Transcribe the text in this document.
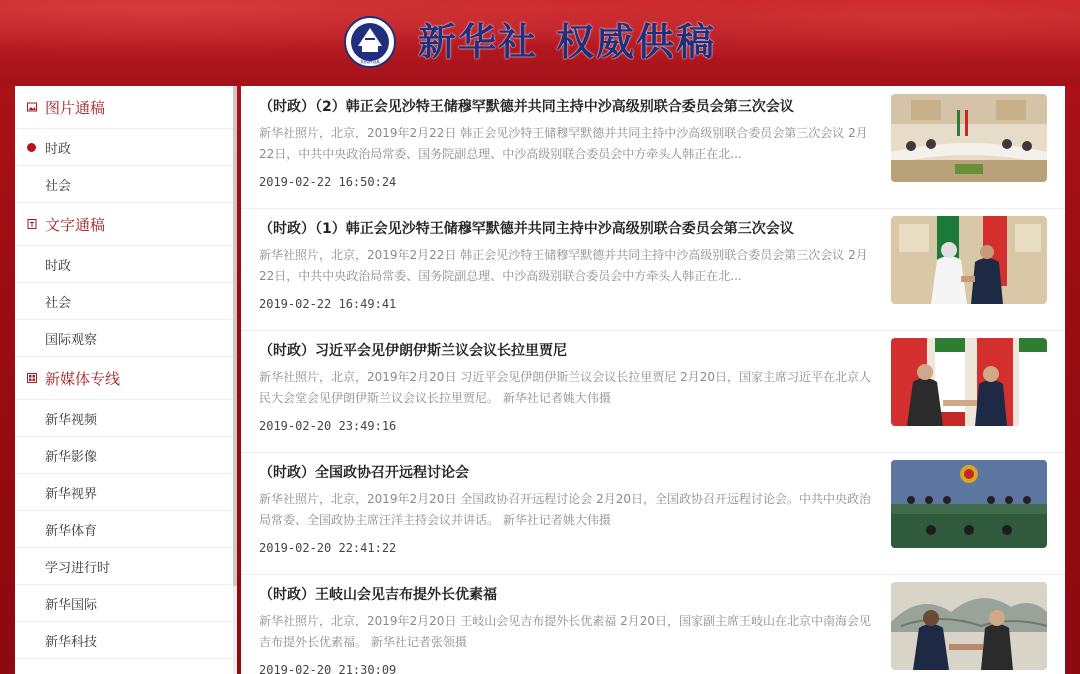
XINHUA 新华社 权威供稿
图片通稿
时政
社会
文字通稿
时政
社会
国际观察
新媒体专线
新华视频
新华影像
新华视界
新华体育
学习进行时
新华国际
新华科技
（时政）（2）韩正会见沙特王储穆罕默德并共同主持中沙高级别联合委员会第三次会议
新华社照片，北京，2019年2月22日 韩正会见沙特王储穆罕默德并共同主持中沙高级别联合委员会第三次会议 2月22日，中共中央政治局常委、国务院副总理、中沙高级别联合委员会中方牵头人韩正在北...
2019-02-22 16:50:24
（时政）（1）韩正会见沙特王储穆罕默德并共同主持中沙高级别联合委员会第三次会议
新华社照片，北京，2019年2月22日 韩正会见沙特王储穆罕默德并共同主持中沙高级别联合委员会第三次会议 2月22日，中共中央政治局常委、国务院副总理、中沙高级别联合委员会中方牵头人韩正在北...
2019-02-22 16:49:41
（时政）习近平会见伊朗伊斯兰议会议长拉里贾尼
新华社照片，北京，2019年2月20日 习近平会见伊朗伊斯兰议会议长拉里贾尼 2月20日，国家主席习近平在北京人民大会堂会见伊朗伊斯兰议会议长拉里贾尼。 新华社记者姚大伟摄
2019-02-20 23:49:16
（时政）全国政协召开远程讨论会
新华社照片，北京，2019年2月20日 全国政协召开远程讨论会 2月20日，全国政协召开远程讨论会。中共中央政治局常委、全国政协主席汪洋主持会议并讲话。 新华社记者姚大伟摄
2019-02-20 22:41:22
（时政）王岐山会见吉布提外长优素福
新华社照片，北京，2019年2月20日 王岐山会见吉布提外长优素福 2月20日，国家副主席王岐山在北京中南海会见吉布提外长优素福。 新华社记者张领摄
2019-02-20 21:30:09
